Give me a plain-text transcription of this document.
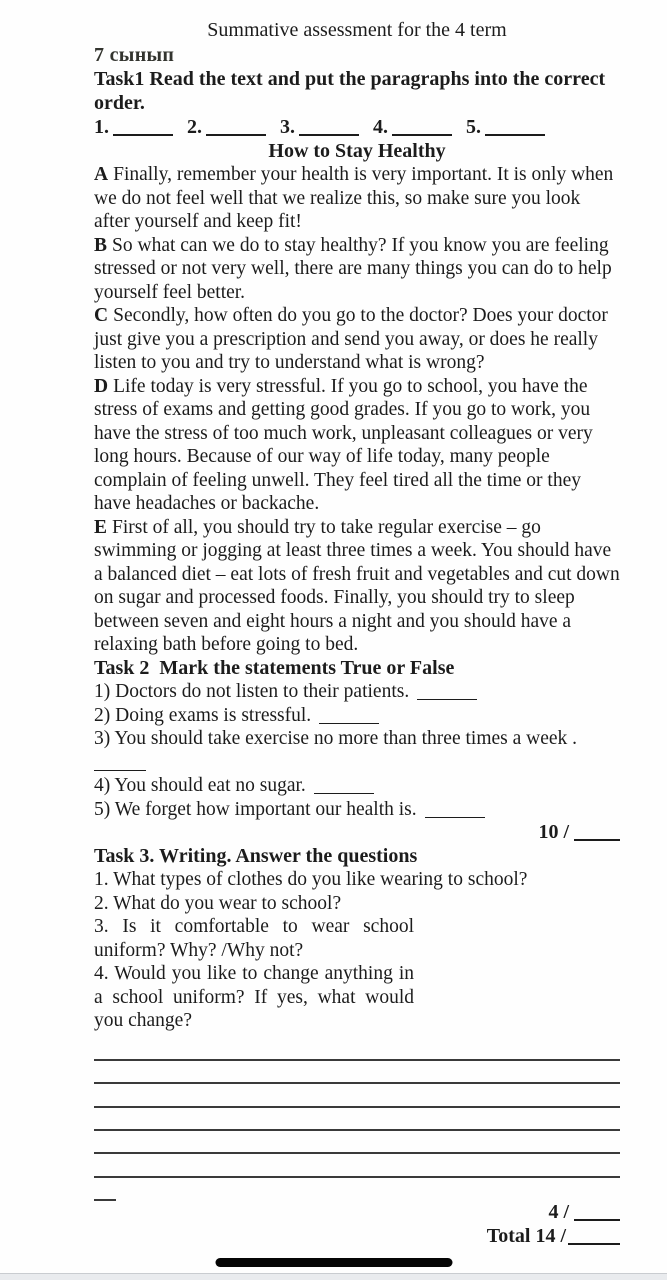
Summative assessment for the 4 term
7 сынып
Task1 Read the text and put the paragraphs into the correct order.
1.	2.	3.	4.	5.
How to Stay Healthy
A Finally, remember your health is very important. It is only when we do not feel well that we realize this, so make sure you look after yourself and keep fit!
B So what can we do to stay healthy? If you know you are feeling stressed or not very well, there are many things you can do to help yourself feel better.
C Secondly, how often do you go to the doctor? Does your doctor just give you a prescription and send you away, or does he really listen to you and try to understand what is wrong?
D Life today is very stressful. If you go to school, you have the stress of exams and getting good grades. If you go to work, you have the stress of too much work, unpleasant colleagues or very long hours. Because of our way of life today, many people complain of feeling unwell. They feel tired all the time or they have headaches or backache.
E First of all, you should try to take regular exercise – go swimming or jogging at least three times a week. You should have a balanced diet – eat lots of fresh fruit and vegetables and cut down on sugar and processed foods. Finally, you should try to sleep between seven and eight hours a night and you should have a relaxing bath before going to bed.
Task 2  Mark the statements True or False
1) Doctors do not listen to their patients.
2) Doing exams is stressful.
3) You should take exercise no more than three times a week .
4) You should eat no sugar.
5) We forget how important our health is.
10 /
Task 3. Writing. Answer the questions
1. What types of clothes do you like wearing to school?
2. What do you wear to school?
3. Is it comfortable to wear school uniform? Why? /Why not?
4. Would you like to change anything in a school uniform? If yes, what would you change?
4 /
Total 14 /
